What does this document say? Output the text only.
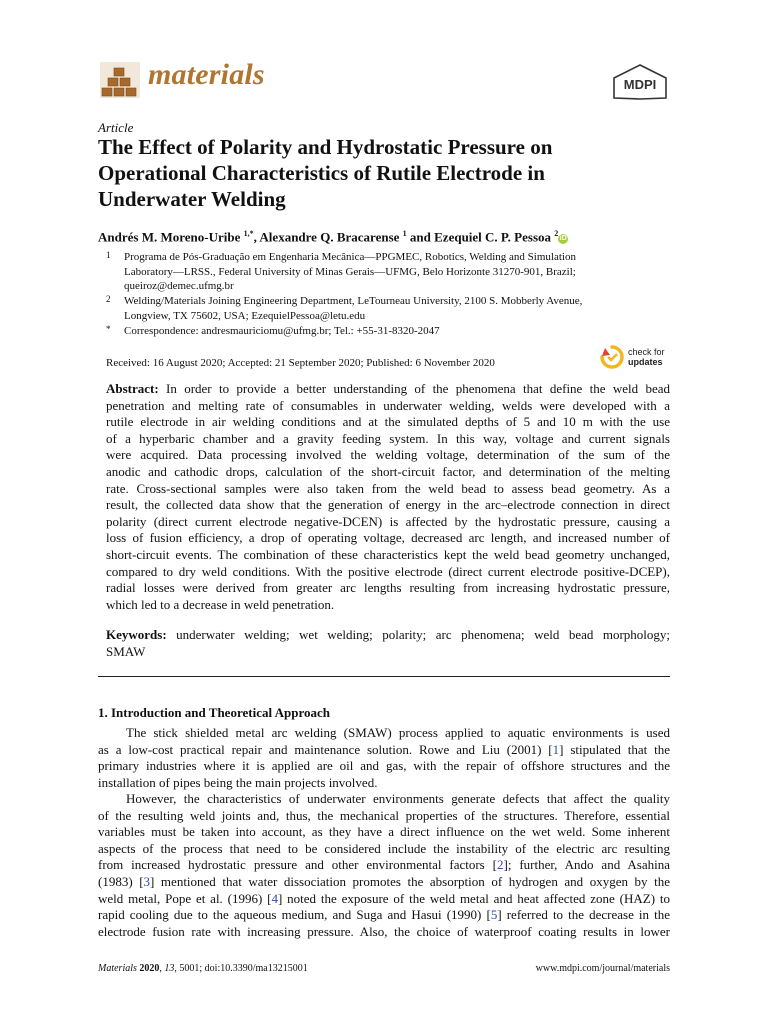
materials	MDPI
Article
The Effect of Polarity and Hydrostatic Pressure on
Operational Characteristics of Rutile Electrode in
Underwater Welding
Andrés M. Moreno-Uribe $^{1,*}$, Alexandre Q. Bracarense $^1$ and Ezequiel C. P. Pessoa $^2$iD
1 Programa de Pós-Graduação em Engenharia Mecânica—PPGMEC, Robotics, Welding and Simulation
Laboratory—LRSS., Federal University of Minas Gerais—UFMG, Belo Horizonte 31270-901, Brazil;
queiroz@demec.ufmg.br
2 Welding/Materials Joining Engineering Department, LeTourneau University, 2100 S. Mobberly Avenue,
Longview, TX 75602, USA; EzequielPessoa@letu.edu
* Correspondence: andresmauriciomu@ufmg.br; Tel.: +55-31-8320-2047
Received: 16 August 2020; Accepted: 21 September 2020; Published: 6 November 2020
check for
updates
Abstract: In order to provide a better understanding of the phenomena that define the weld bead
penetration and melting rate of consumables in underwater welding, welds were developed with a
rutile electrode in air welding conditions and at the simulated depths of 5 and 10 m with the use
of a hyperbaric chamber and a gravity feeding system. In this way, voltage and current signals
were acquired. Data processing involved the welding voltage, determination of the sum of the
anodic and cathodic drops, calculation of the short-circuit factor, and determination of the melting
rate. Cross-sectional samples were also taken from the weld bead to assess bead geometry. As a
result, the collected data show that the generation of energy in the arc–electrode connection in direct
polarity (direct current electrode negative-DCEN) is affected by the hydrostatic pressure, causing a
loss of fusion efficiency, a drop of operating voltage, decreased arc length, and increased number of
short-circuit events. The combination of these characteristics kept the weld bead geometry unchanged,
compared to dry weld conditions. With the positive electrode (direct current electrode positive-DCEP),
radial losses were derived from greater arc lengths resulting from increasing hydrostatic pressure,
which led to a decrease in weld penetration.
Keywords: underwater welding; wet welding; polarity; arc phenomena; weld bead morphology;
SMAW
1. Introduction and Theoretical Approach
The stick shielded metal arc welding (SMAW) process applied to aquatic environments is used
as a low-cost practical repair and maintenance solution. Rowe and Liu (2001) [1] stipulated that the
primary industries where it is applied are oil and gas, with the repair of offshore structures and the
installation of pipes being the main projects involved.
However, the characteristics of underwater environments generate defects that affect the quality
of the resulting weld joints and, thus, the mechanical properties of the structures. Therefore, essential
variables must be taken into account, as they have a direct influence on the wet weld. Some inherent
aspects of the process that need to be considered include the instability of the electric arc resulting
from increased hydrostatic pressure and other environmental factors [2]; further, Ando and Asahina
(1983) [3] mentioned that water dissociation promotes the absorption of hydrogen and oxygen by the
weld metal, Pope et al. (1996) [4] noted the exposure of the weld metal and heat affected zone (HAZ) to
rapid cooling due to the aqueous medium, and Suga and Hasui (1990) [5] referred to the decrease in the
electrode fusion rate with increasing pressure. Also, the choice of waterproof coating results in lower
Materials 2020, 13, 5001; doi:10.3390/ma13215001	www.mdpi.com/journal/materials
